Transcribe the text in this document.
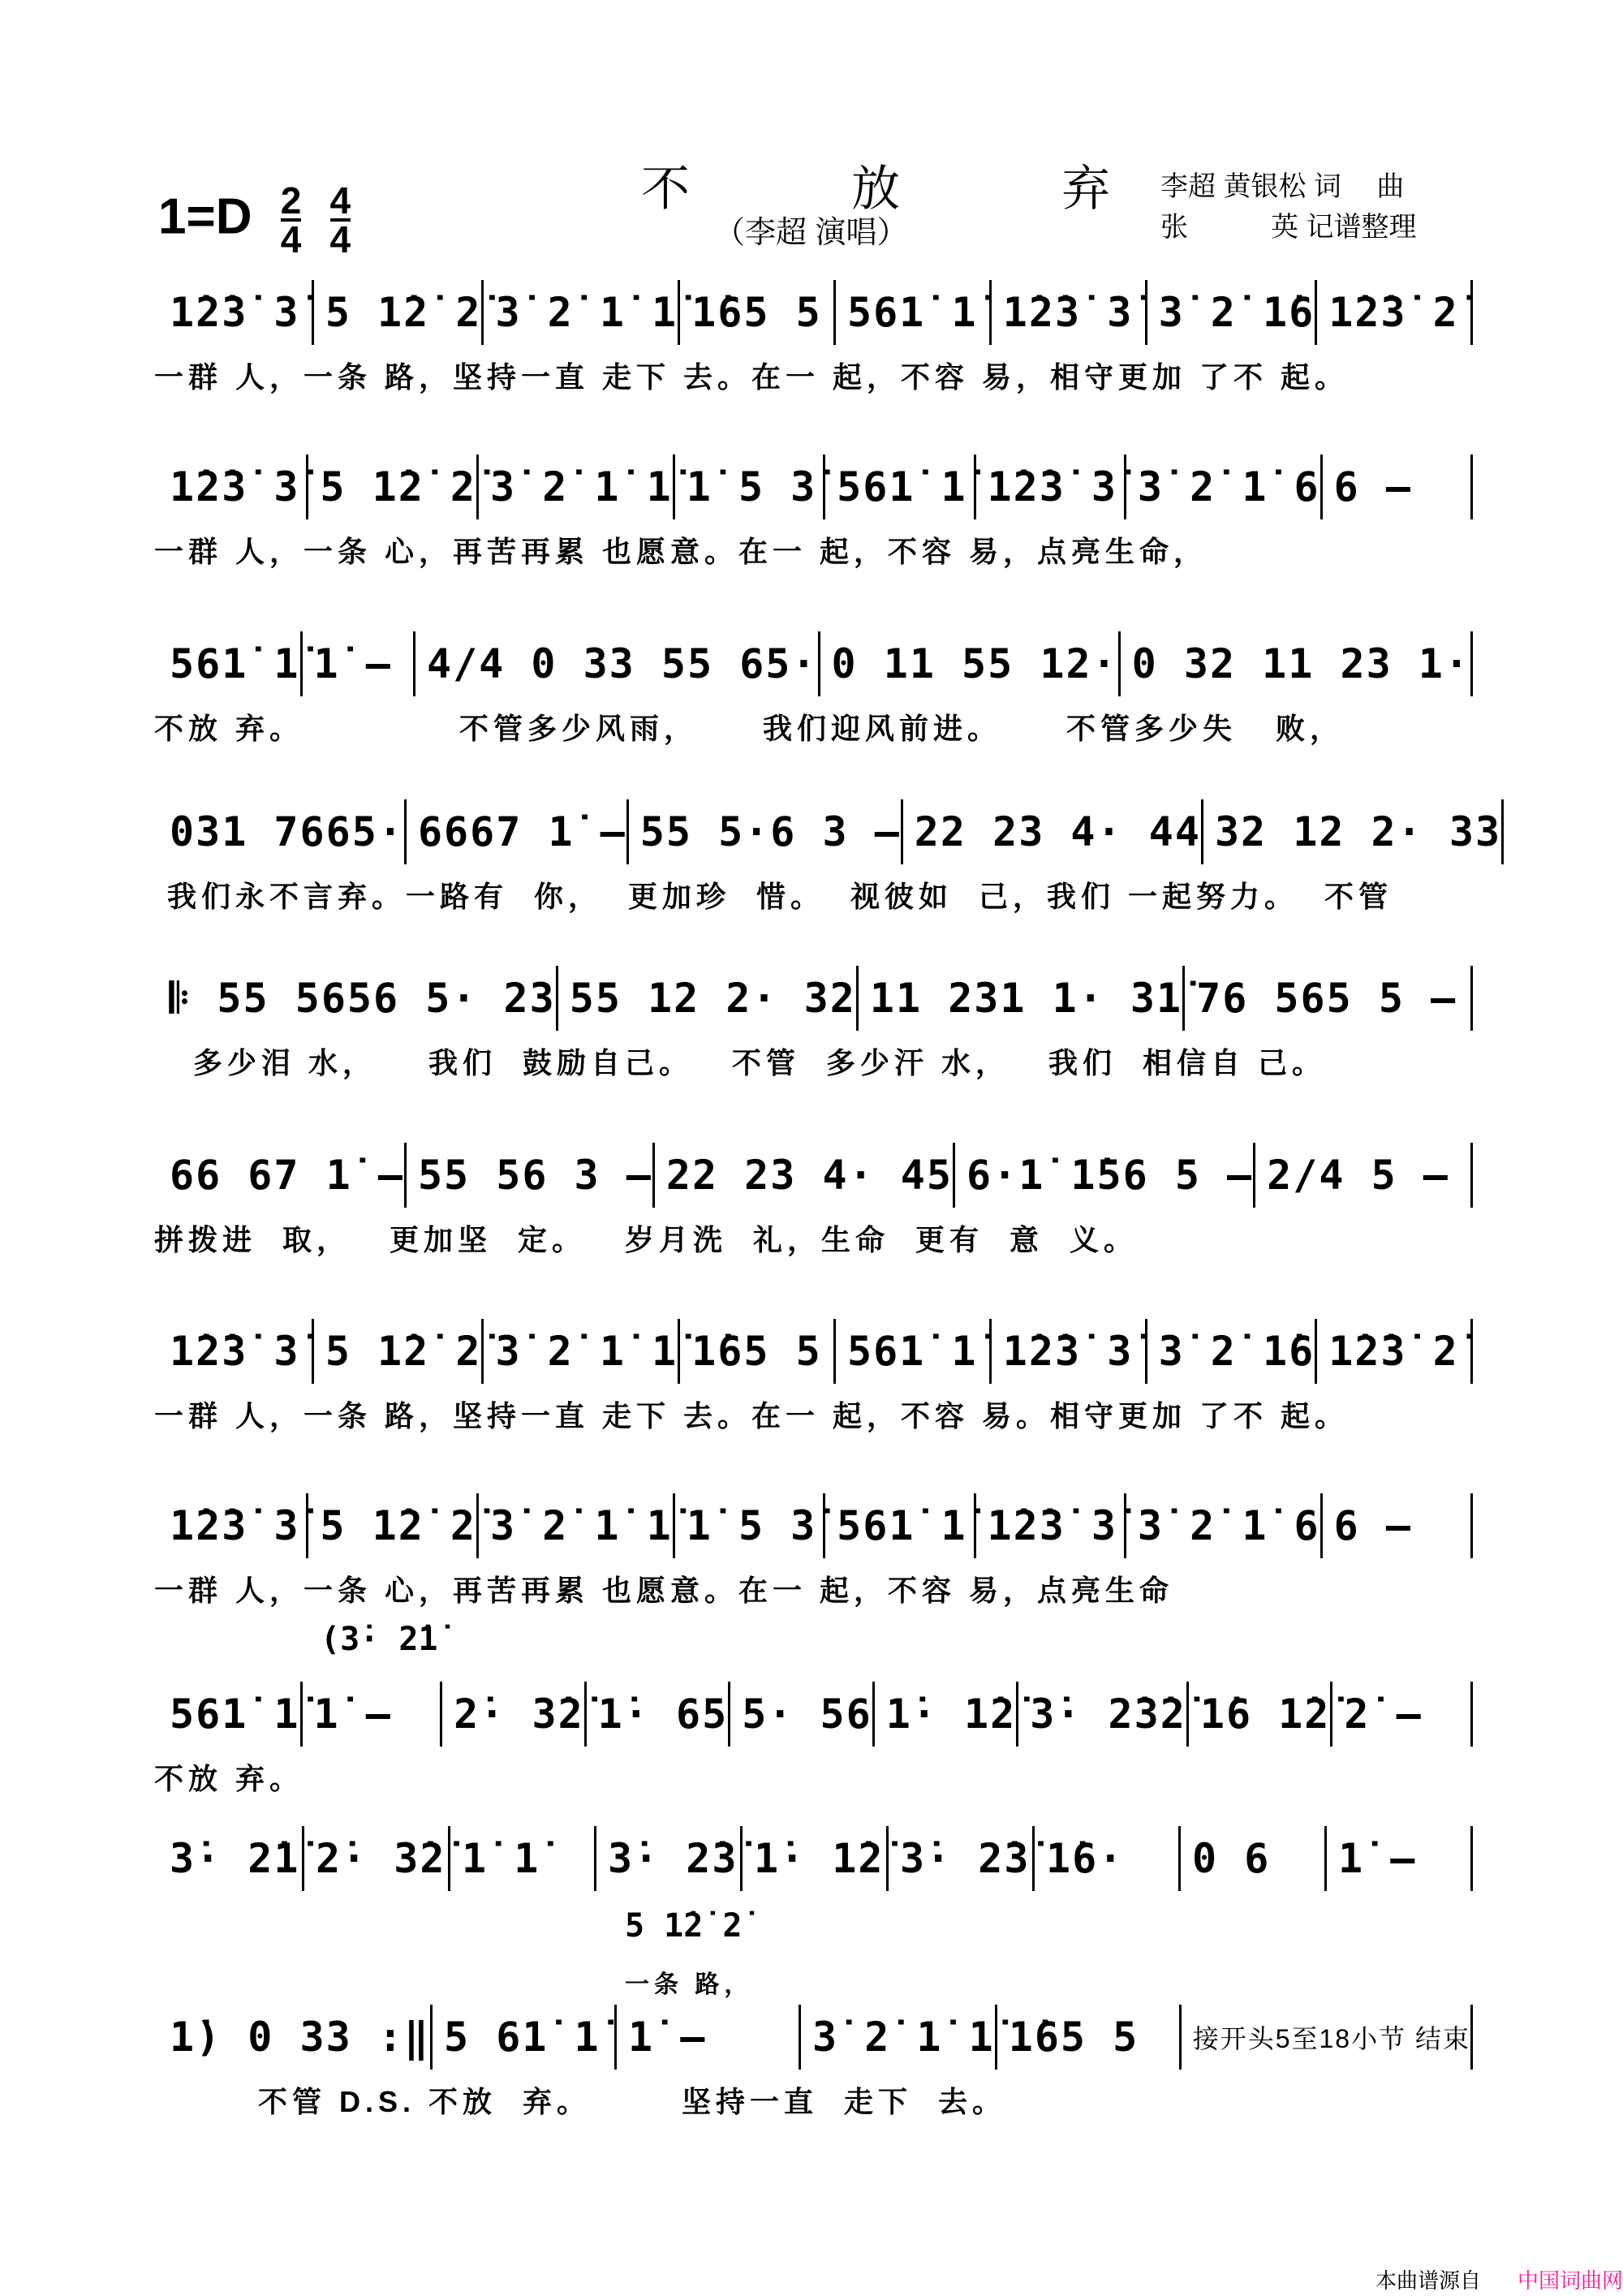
$1=D \frac{2}{4}$
$\frac{4}{4}$	不 放 弃
（李超 演唱）
李超 黄银松 词　 曲
张　　　英 记谱整理
1̇2̇3̇ 3̇ 5 1̇2̇ 2̇ 3̇ 2̇ 1̇ 1̇ 1̇65 5 561̇ 1̇ 1̇2̇3̇ 3̇ 3̇ 2̇ 1̇6 1̇2̇3̇ 2̇
一群 人，一条 路，坚持一直 走下 去。在一 起，不容 易，相守更加 了不 起。
1̇2̇3̇ 3̇ 5 1̇2̇ 2̇ 3̇ 2̇ 1̇ 1̇ 1̇ 5 3̇ 561̇ 1̇ 1̇2̇3̇ 3̇ 3̇ 2̇ 1̇ 6 6 –
一群 人，一条 心，再苦再累 也愿意。在一 起，不容 易，点亮生命，
561̇ 1̇ 1̇ – 4/4 0 33 55 65· 0 11 55 12· 0 32 11 23 1·
不放 弃。            不管多少风雨，     我们迎风前进。     不管多少失   败，
031 7665· 6667 1̇ – 55 5·6 3 – 22 23 4· 44 32 12 2· 33
我们永不言弃。一路有  你，  更加珍  惜。  视彼如  己，我们 一起努力。  不管
𝄆 55 5656 5· 23 55 12 2· 32 11 231 1· 31̇ 76 565 5 –
多少泪 水，    我们  鼓励自己。   不管  多少汗 水，   我们  相信自 己。
66 67 1̇ – 55 56 3 – 22 23 4· 45 6·1̇ 1̇56 5 – 2/4 5 –
拼拨进  取，   更加坚  定。   岁月洗  礼，生命  更有  意  义。
1̇2̇3̇ 3̇ 5 1̇2̇ 2̇ 3̇ 2̇ 1̇ 1̇ 1̇65 5 561̇ 1̇ 1̇2̇3̇ 3̇ 3̇ 2̇ 1̇6 1̇2̇3̇ 2̇
一群 人，一条 路，坚持一直 走下 去。在一 起，不容 易。相守更加 了不 起。
1̇2̇3̇ 3̇ 5 1̇2̇ 2̇ 3̇ 2̇ 1̇ 1̇ 1̇ 5 3̇ 561̇ 1̇ 1̇2̇3̇ 3̇ 3̇ 2̇ 1̇ 6 6 –
一群 人，一条 心，再苦再累 也愿意。在一 起，不容 易，点亮生命
561̇ 1̇ 1̇ –	2̇· 3̇2̇ 1̇· 65 5· 56 1̇· 1̇2̇ 3̇· 2̇3̇2̇ 1̇6 1̇2̇ 2̇ –
不放 弃。
(3̇· 2̇1̇
3̇· 2̇1̇ 2̇· 3̇2̇ 1̇ 1̇	3̇· 2̇3̇ 1̇· 1̇2̇ 3̇· 2̇3̇ 1̇6·	0 6	1̇ –
1̇) 0 33 :‖ 5 61̇ 1̇ 1̇ –	3̇ 2̇ 1̇ 1̇ 1̇65 5	接开头5至18小节 结束
不管 D.S. 不放  弃。       坚持一直  走下  去。
5 1̇2̇ 2̇
一条 路，
本曲谱源自 中国词曲网
